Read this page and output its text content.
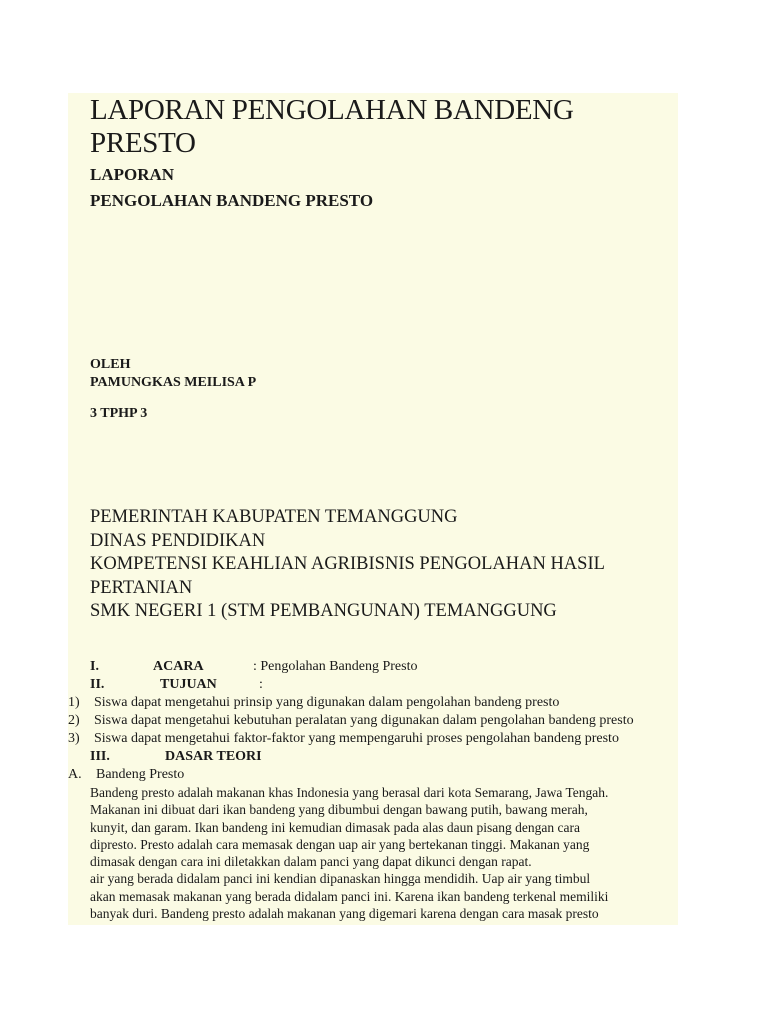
LAPORAN PENGOLAHAN BANDENG
PRESTO
LAPORAN
PENGOLAHAN BANDENG PRESTO
OLEH
PAMUNGKAS MEILISA P
3 TPHP 3
PEMERINTAH KABUPATEN TEMANGGUNG
DINAS PENDIDIKAN
KOMPETENSI KEAHLIAN AGRIBISNIS PENGOLAHAN HASIL
PERTANIAN
SMK NEGERI 1 (STM PEMBANGUNAN) TEMANGGUNG
I.	ACARA	: Pengolahan Bandeng Presto
II.	TUJUAN	:
1) Siswa dapat mengetahui prinsip yang digunakan dalam pengolahan bandeng presto
2) Siswa dapat mengetahui kebutuhan peralatan yang digunakan dalam pengolahan bandeng presto
3) Siswa dapat mengetahui faktor-faktor yang mempengaruhi proses pengolahan bandeng presto
III.	DASAR TEORI
A. Bandeng Presto
Bandeng presto adalah makanan khas Indonesia yang berasal dari kota Semarang, Jawa Tengah.
Makanan ini dibuat dari ikan bandeng yang dibumbui dengan bawang putih, bawang merah,
kunyit, dan garam. Ikan bandeng ini kemudian dimasak pada alas daun pisang dengan cara
dipresto. Presto adalah cara memasak dengan uap air yang bertekanan tinggi. Makanan yang
dimasak dengan cara ini diletakkan dalam panci yang dapat dikunci dengan rapat.
air yang berada didalam panci ini kendian dipanaskan hingga mendidih. Uap air yang timbul
akan memasak makanan yang berada didalam panci ini. Karena ikan bandeng terkenal memiliki
banyak duri. Bandeng presto adalah makanan yang digemari karena dengan cara masak presto
